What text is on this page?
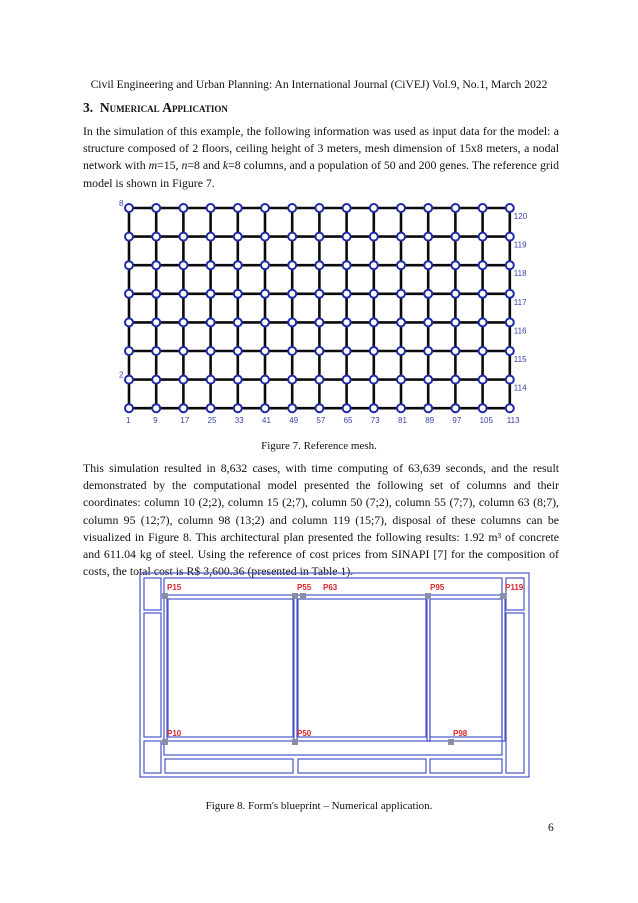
Civil Engineering and Urban Planning: An International Journal (CiVEJ) Vol.9, No.1, March 2022
3. Numerical Application

In the simulation of this example, the following information was used as input data for the model: a structure composed of 2 floors, ceiling height of 3 meters, mesh dimension of 15x8 meters, a nodal network with m=15, n=8 and k=8 columns, and a population of 50 and 200 genes. The reference grid model is shown in Figure 7.

1	9	17 25 33 41 49 57 65 73 81 89 97 105 113
120
119
118
117
116
115
114
8
2
Figure 7. Reference mesh.

This simulation resulted in 8,632 cases, with time computing of 63,639 seconds, and the result demonstrated by the computational model presented the following set of columns and their coordinates: column 10 (2;2), column 15 (2;7), column 50 (7;2), column 55 (7;7), column 63 (8;7), column 95 (12;7), column 98 (13;2) and column 119 (15;7), disposal of these columns can be visualized in Figure 8. This architectural plan presented the following results: 1.92 m³ of concrete and 611.04 kg of steel. Using the reference of cost prices from SINAPI [7] for the composition of costs, the total cost is R$ 3,600.36 (presented in Table 1).

P15	P55 P63	P95	P119
P10	P50	P98
Figure 8. Form's blueprint – Numerical application.
6
